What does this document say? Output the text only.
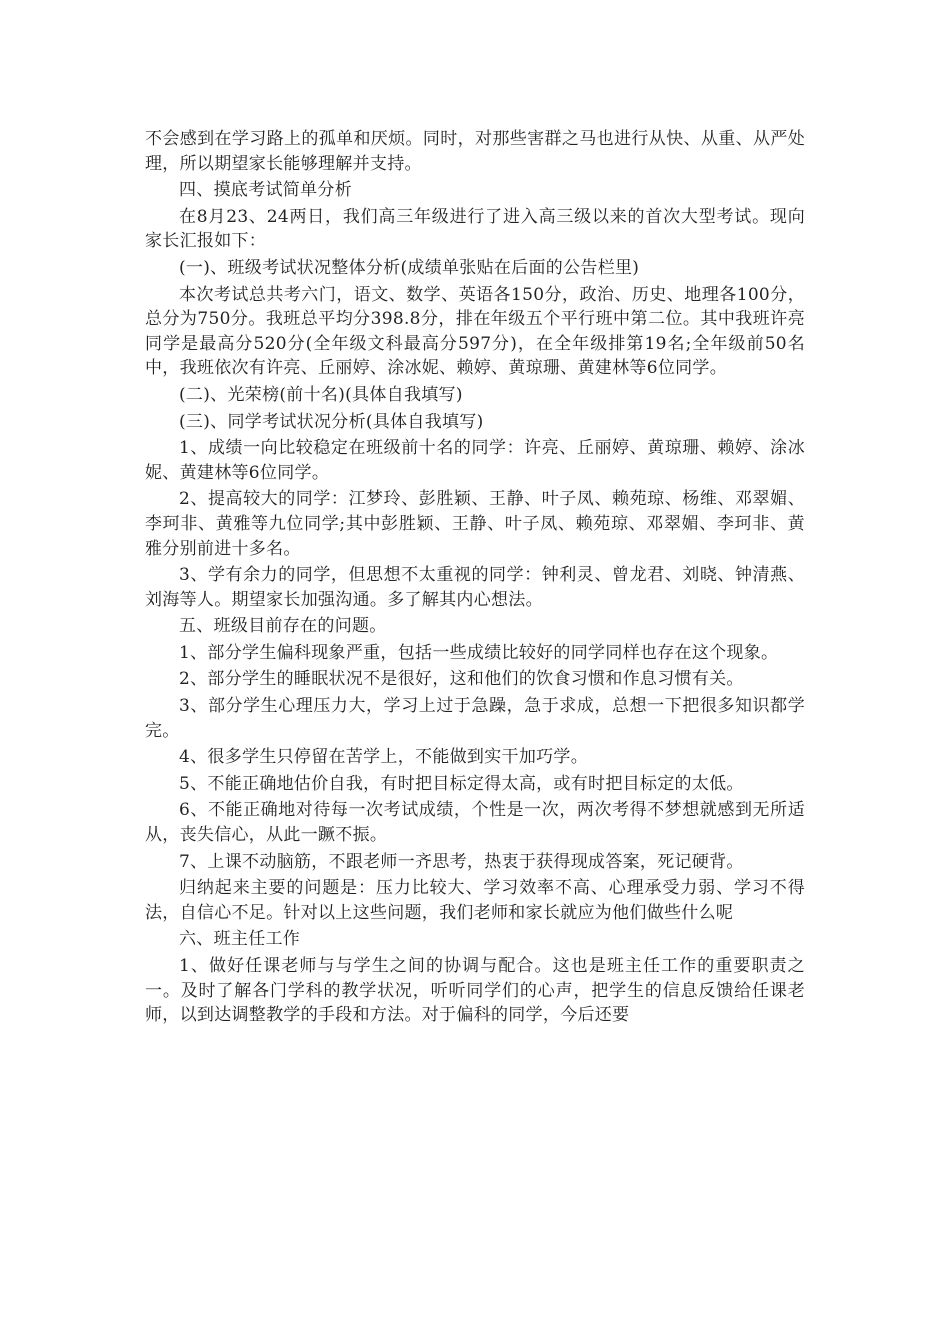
不会感到在学习路上的孤单和厌烦。同时，对那些害群之马也进行从快、从重、从严处理，所以期望家长能够理解并支持。

四、摸底考试简单分析

在8月23、24两日，我们高三年级进行了进入高三级以来的首次大型考试。现向家长汇报如下：

(一)、班级考试状况整体分析(成绩单张贴在后面的公告栏里)

本次考试总共考六门，语文、数学、英语各150分，政治、历史、地理各100分，总分为750分。我班总平均分398.8分，排在年级五个平行班中第二位。其中我班许亮同学是最高分520分(全年级文科最高分597分)，在全年级排第19名;全年级前50名中，我班依次有许亮、丘丽婷、涂冰妮、赖婷、黄琼珊、黄建林等6位同学。

(二)、光荣榜(前十名)(具体自我填写)

(三)、同学考试状况分析(具体自我填写)

1、成绩一向比较稳定在班级前十名的同学：许亮、丘丽婷、黄琼珊、赖婷、涂冰妮、黄建林等6位同学。

2、提高较大的同学：江梦玲、彭胜颖、王静、叶子凤、赖苑琼、杨维、邓翠媚、李珂非、黄雅等九位同学;其中彭胜颖、王静、叶子凤、赖苑琼、邓翠媚、李珂非、黄雅分别前进十多名。

3、学有余力的同学，但思想不太重视的同学：钟利灵、曾龙君、刘晓、钟清燕、刘海等人。期望家长加强沟通。多了解其内心想法。

五、班级目前存在的问题。

1、部分学生偏科现象严重，包括一些成绩比较好的同学同样也存在这个现象。

2、部分学生的睡眠状况不是很好，这和他们的饮食习惯和作息习惯有关。

3、部分学生心理压力大，学习上过于急躁，急于求成，总想一下把很多知识都学完。

4、很多学生只停留在苦学上，不能做到实干加巧学。

5、不能正确地估价自我，有时把目标定得太高，或有时把目标定的太低。

6、不能正确地对待每一次考试成绩，个性是一次，两次考得不梦想就感到无所适从，丧失信心，从此一蹶不振。

7、上课不动脑筋，不跟老师一齐思考，热衷于获得现成答案，死记硬背。

归纳起来主要的问题是：压力比较大、学习效率不高、心理承受力弱、学习不得法，自信心不足。针对以上这些问题，我们老师和家长就应为他们做些什么呢

六、班主任工作

1、做好任课老师与与学生之间的协调与配合。这也是班主任工作的重要职责之一。及时了解各门学科的教学状况，听听同学们的心声，把学生的信息反馈给任课老师，以到达调整教学的手段和方法。对于偏科的同学，今后还要
